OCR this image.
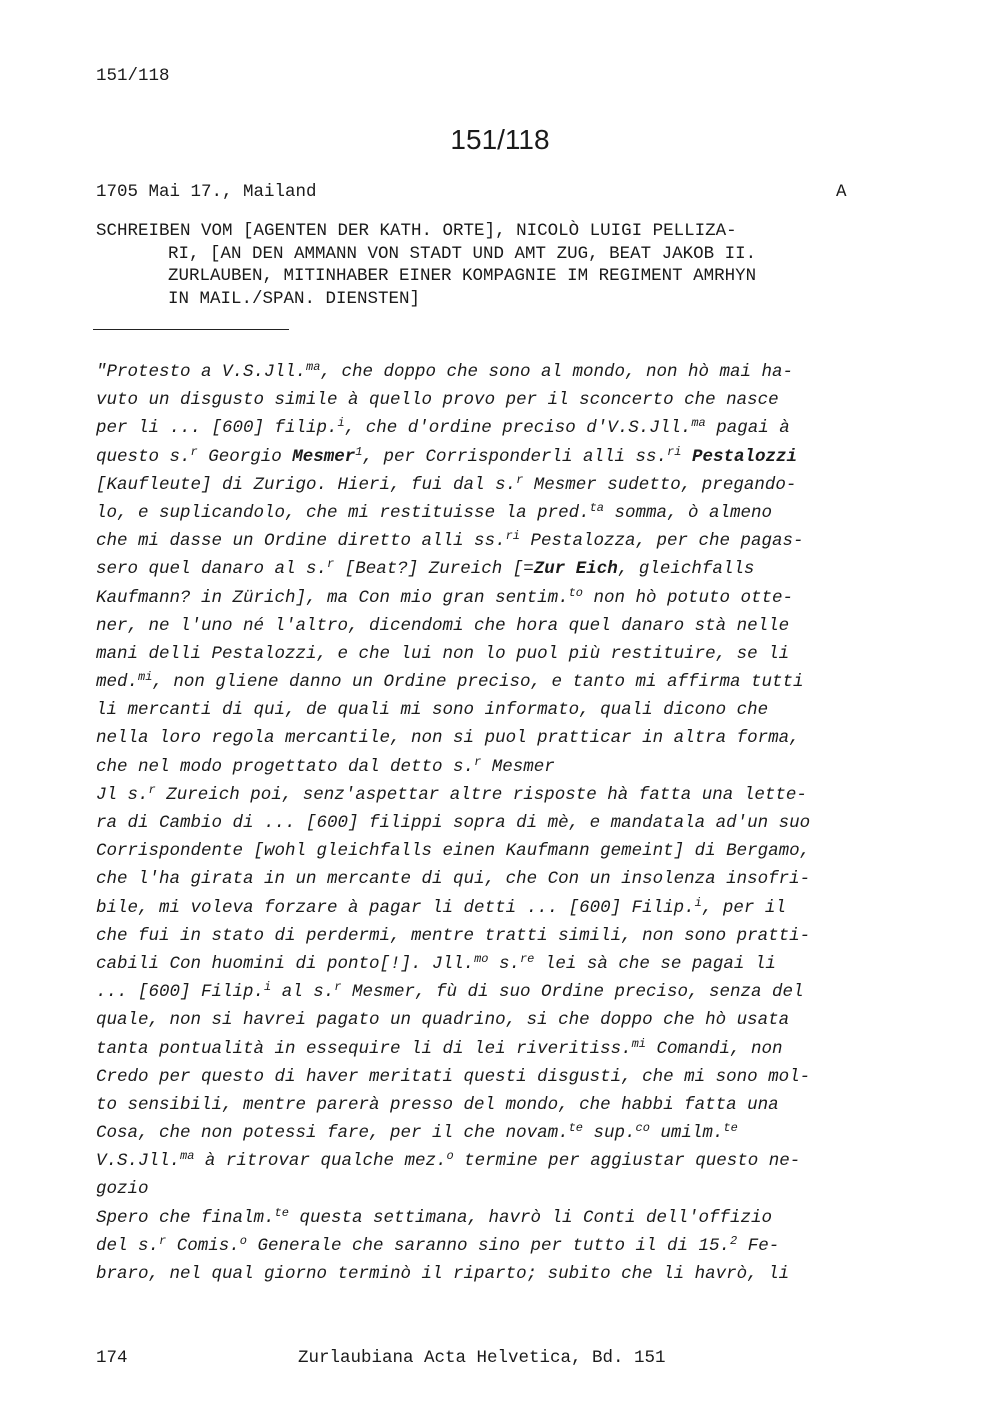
151/118
151/118
1705 Mai 17., Mailand	A
SCHREIBEN VOM [AGENTEN DER KATH. ORTE], NICOLÒ LUIGI PELLIZA-
RI, [AN DEN AMMANN VON STADT UND AMT ZUG, BEAT JAKOB II.
ZURLAUBEN, MITINHABER EINER KOMPAGNIE IM REGIMENT AMRHYN
IN MAIL./SPAN. DIENSTEN]
"Protesto a V.S.Jll.$^{ma}$, che doppo che sono al mondo, non hò mai ha-
vuto un disgusto simile à quello provo per il sconcerto che nasce
per li ... [600] filip.$^i$, che d'ordine preciso d'V.S.Jll.$^{ma}$ pagai à
questo s.$^r$ Georgio Mesmer$^1$, per Corrisponderli alli ss.$^{ri}$ Pestalozzi
[Kaufleute] di Zurigo. Hieri, fui dal s.$^r$ Mesmer sudetto, pregando-
lo, e suplicandolo, che mi restituisse la pred.$^{ta}$ somma, ò almeno
che mi dasse un Ordine diretto alli ss.$^{ri}$ Pestalozza, per che pagas-
sero quel danaro al s.$^r$ [Beat?] Zureich [=Zur Eich, gleichfalls
Kaufmann? in Zürich], ma Con mio gran sentim.$^{to}$ non hò potuto otte-
ner, ne l'uno né l'altro, dicendomi che hora quel danaro stà nelle
mani delli Pestalozzi, e che lui non lo puol più restituire, se li
med.$^{mi}$, non gliene danno un Ordine preciso, e tanto mi affirma tutti
li mercanti di qui, de quali mi sono informato, quali dicono che
nella loro regola mercantile, non si puol pratticar in altra forma,
che nel modo progettato dal detto s.$^r$ Mesmer
Jl s.$^r$ Zureich poi, senz'aspettar altre risposte hà fatta una lette-
ra di Cambio di ... [600] filippi sopra di mè, e mandatala ad'un suo
Corrispondente [wohl gleichfalls einen Kaufmann gemeint] di Bergamo,
che l'ha girata in un mercante di qui, che Con un insolenza insofri-
bile, mi voleva forzare à pagar li detti ... [600] Filip.$^i$, per il
che fui in stato di perdermi, mentre tratti simili, non sono pratti-
cabili Con huomini di ponto[!]. Jll.$^{mo}$ s.$^{re}$ lei sà che se pagai li
... [600] Filip.$^i$ al s.$^r$ Mesmer, fù di suo Ordine preciso, senza del
quale, non si havrei pagato un quadrino, si che doppo che hò usata
tanta pontualità in essequire li di lei riveritiss.$^{mi}$ Comandi, non
Credo per questo di haver meritati questi disgusti, che mi sono mol-
to sensibili, mentre parerà presso del mondo, che habbi fatta una
Cosa, che non potessi fare, per il che novam.$^{te}$ sup.$^{co}$ umilm.$^{te}$
V.S.Jll.$^{ma}$ à ritrovar qualche mez.$^o$ termine per aggiustar questo ne-
gozio
Spero che finalm.$^{te}$ questa settimana, havrò li Conti dell'offizio
del s.$^r$ Comis.$^o$ Generale che saranno sino per tutto il di 15.$^2$ Fe-
braro, nel qual giorno terminò il riparto; subito che li havrò, li
174	Zurlaubiana Acta Helvetica, Bd. 151
